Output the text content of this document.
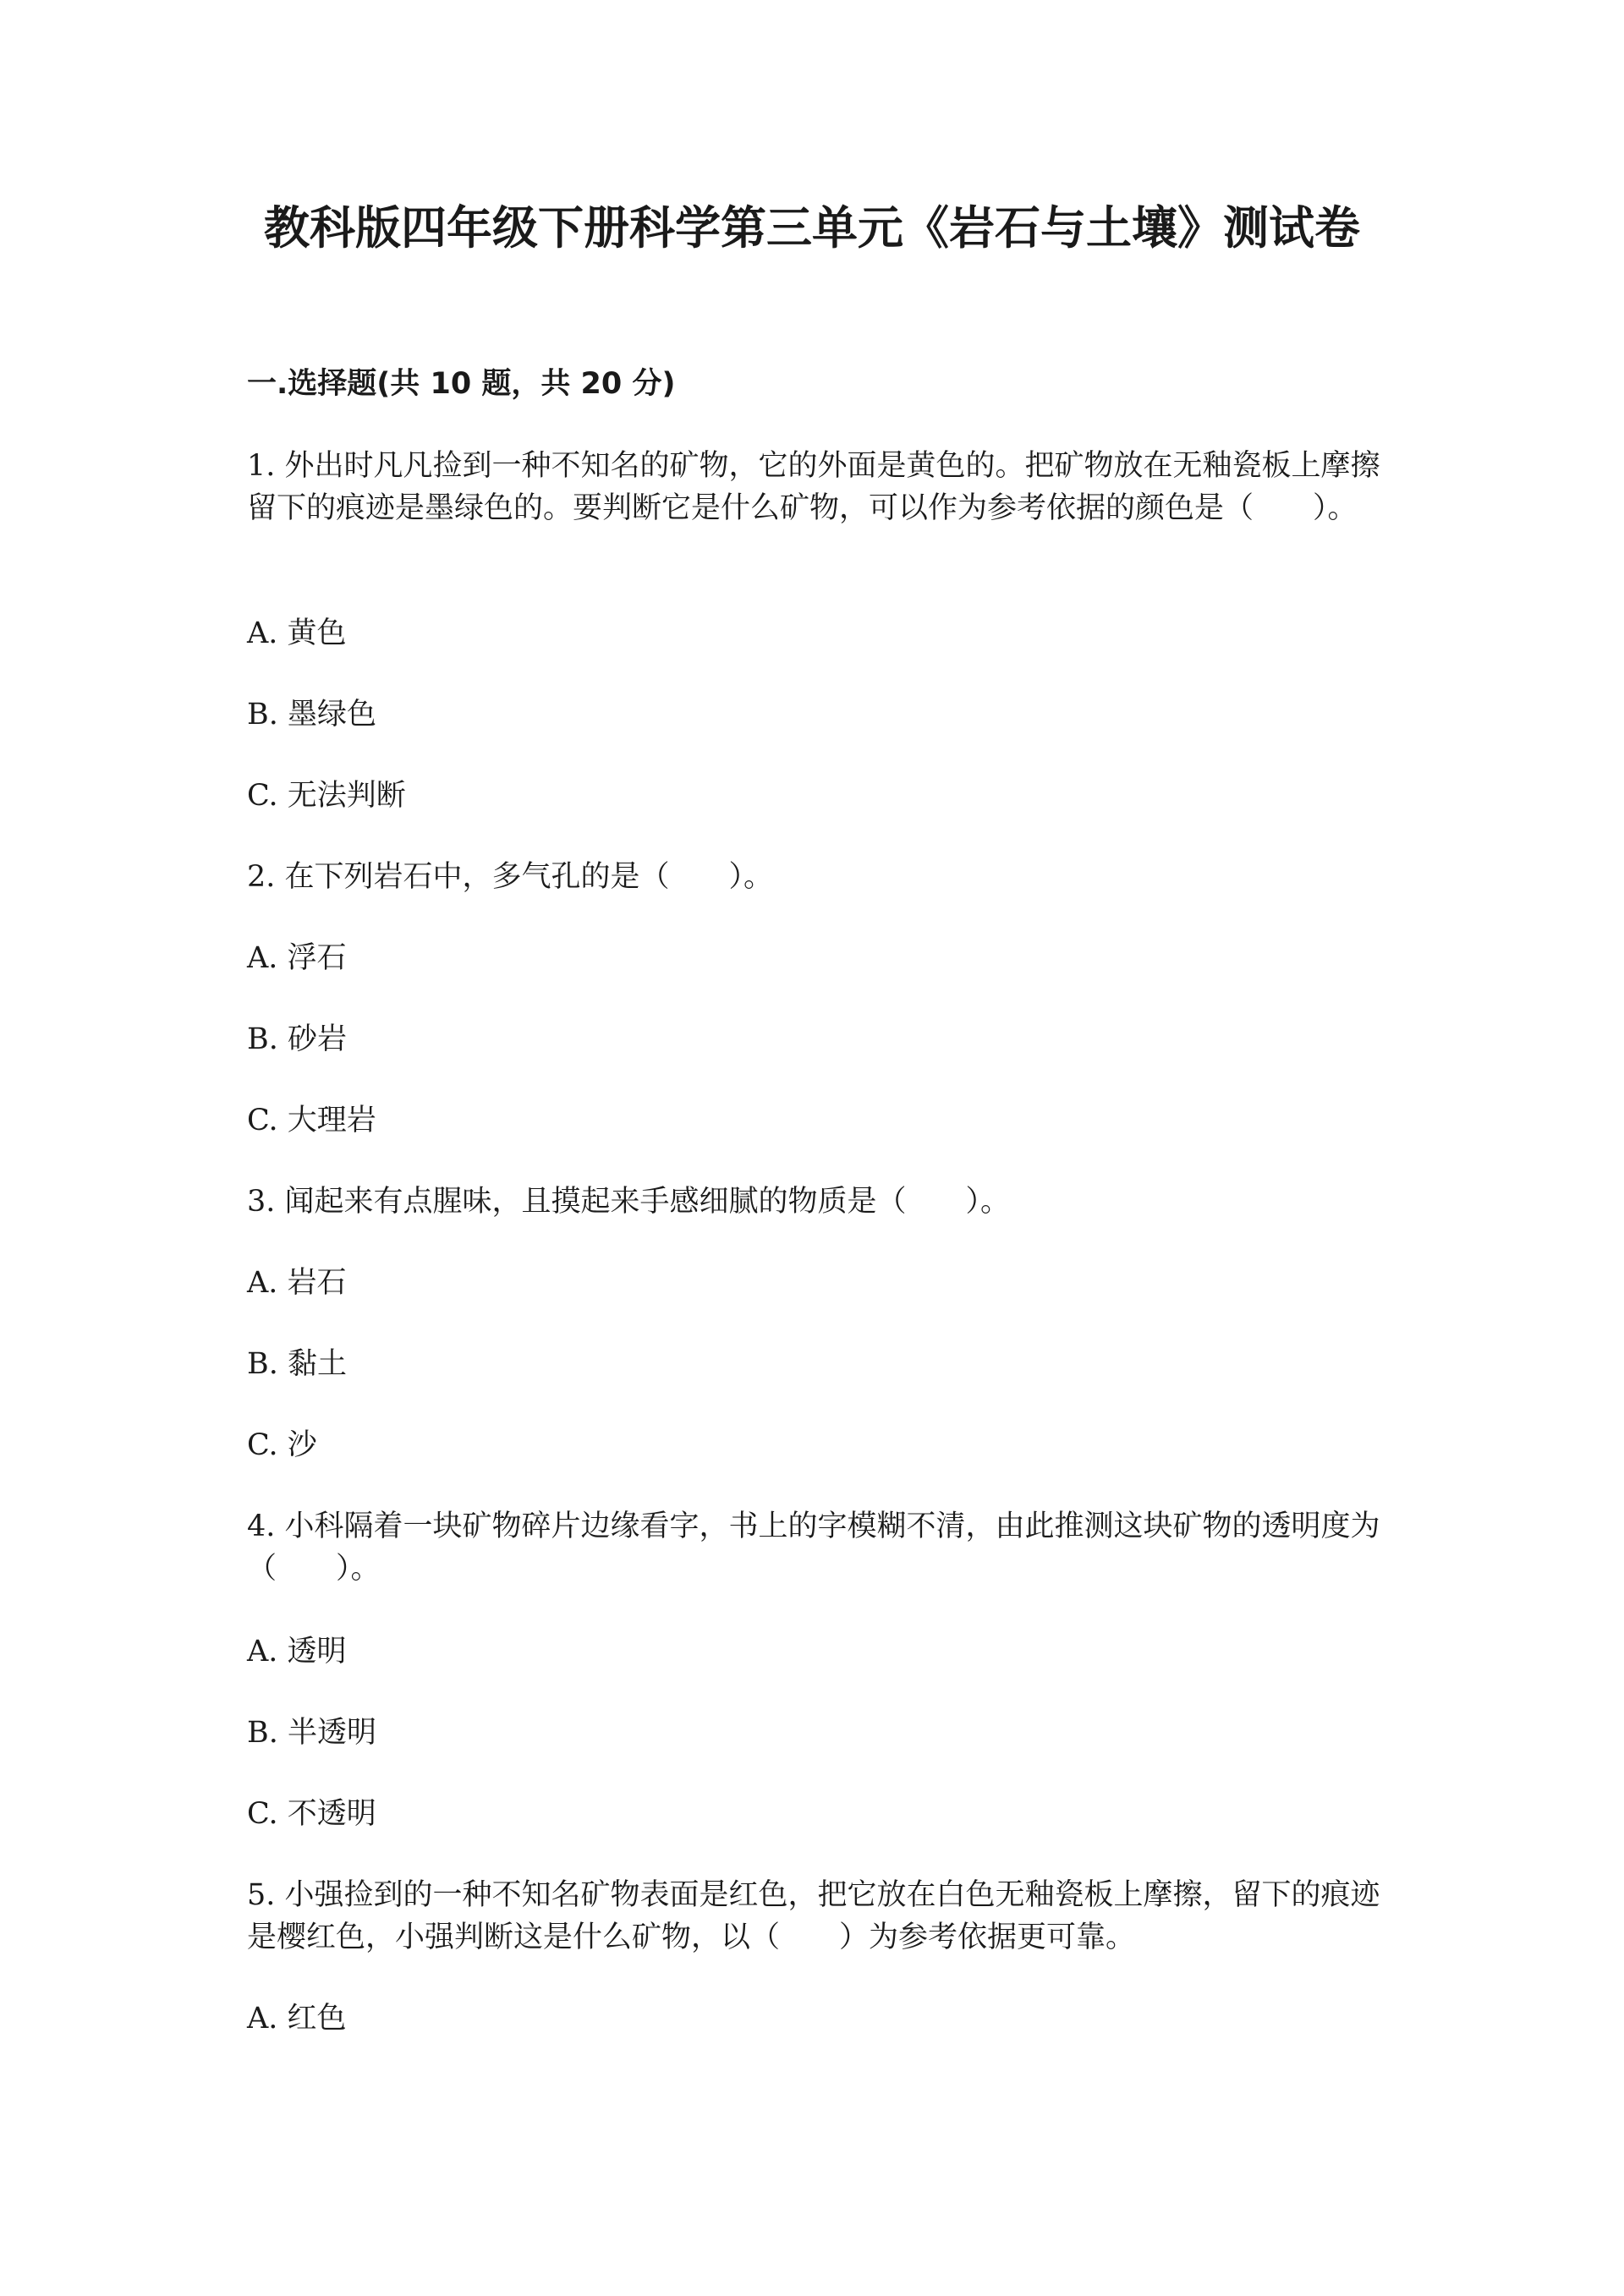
教科版四年级下册科学第三单元《岩石与土壤》测试卷
一.选择题(共 10 题，共 20 分)

1. 外出时凡凡捡到一种不知名的矿物，它的外面是黄色的。把矿物放在无釉瓷板上摩擦留下的痕迹是墨绿色的。要判断它是什么矿物，可以作为参考依据的颜色是（　　）。

A. 黄色

B. 墨绿色

C. 无法判断

2. 在下列岩石中，多气孔的是（　　）。

A. 浮石

B. 砂岩

C. 大理岩

3. 闻起来有点腥味，且摸起来手感细腻的物质是（　　）。

A. 岩石

B. 黏土

C. 沙

4. 小科隔着一块矿物碎片边缘看字，书上的字模糊不清，由此推测这块矿物的透明度为（　　）。

A. 透明

B. 半透明

C. 不透明

5. 小强捡到的一种不知名矿物表面是红色，把它放在白色无釉瓷板上摩擦，留下的痕迹是樱红色，小强判断这是什么矿物，以（　　）为参考依据更可靠。

A. 红色
